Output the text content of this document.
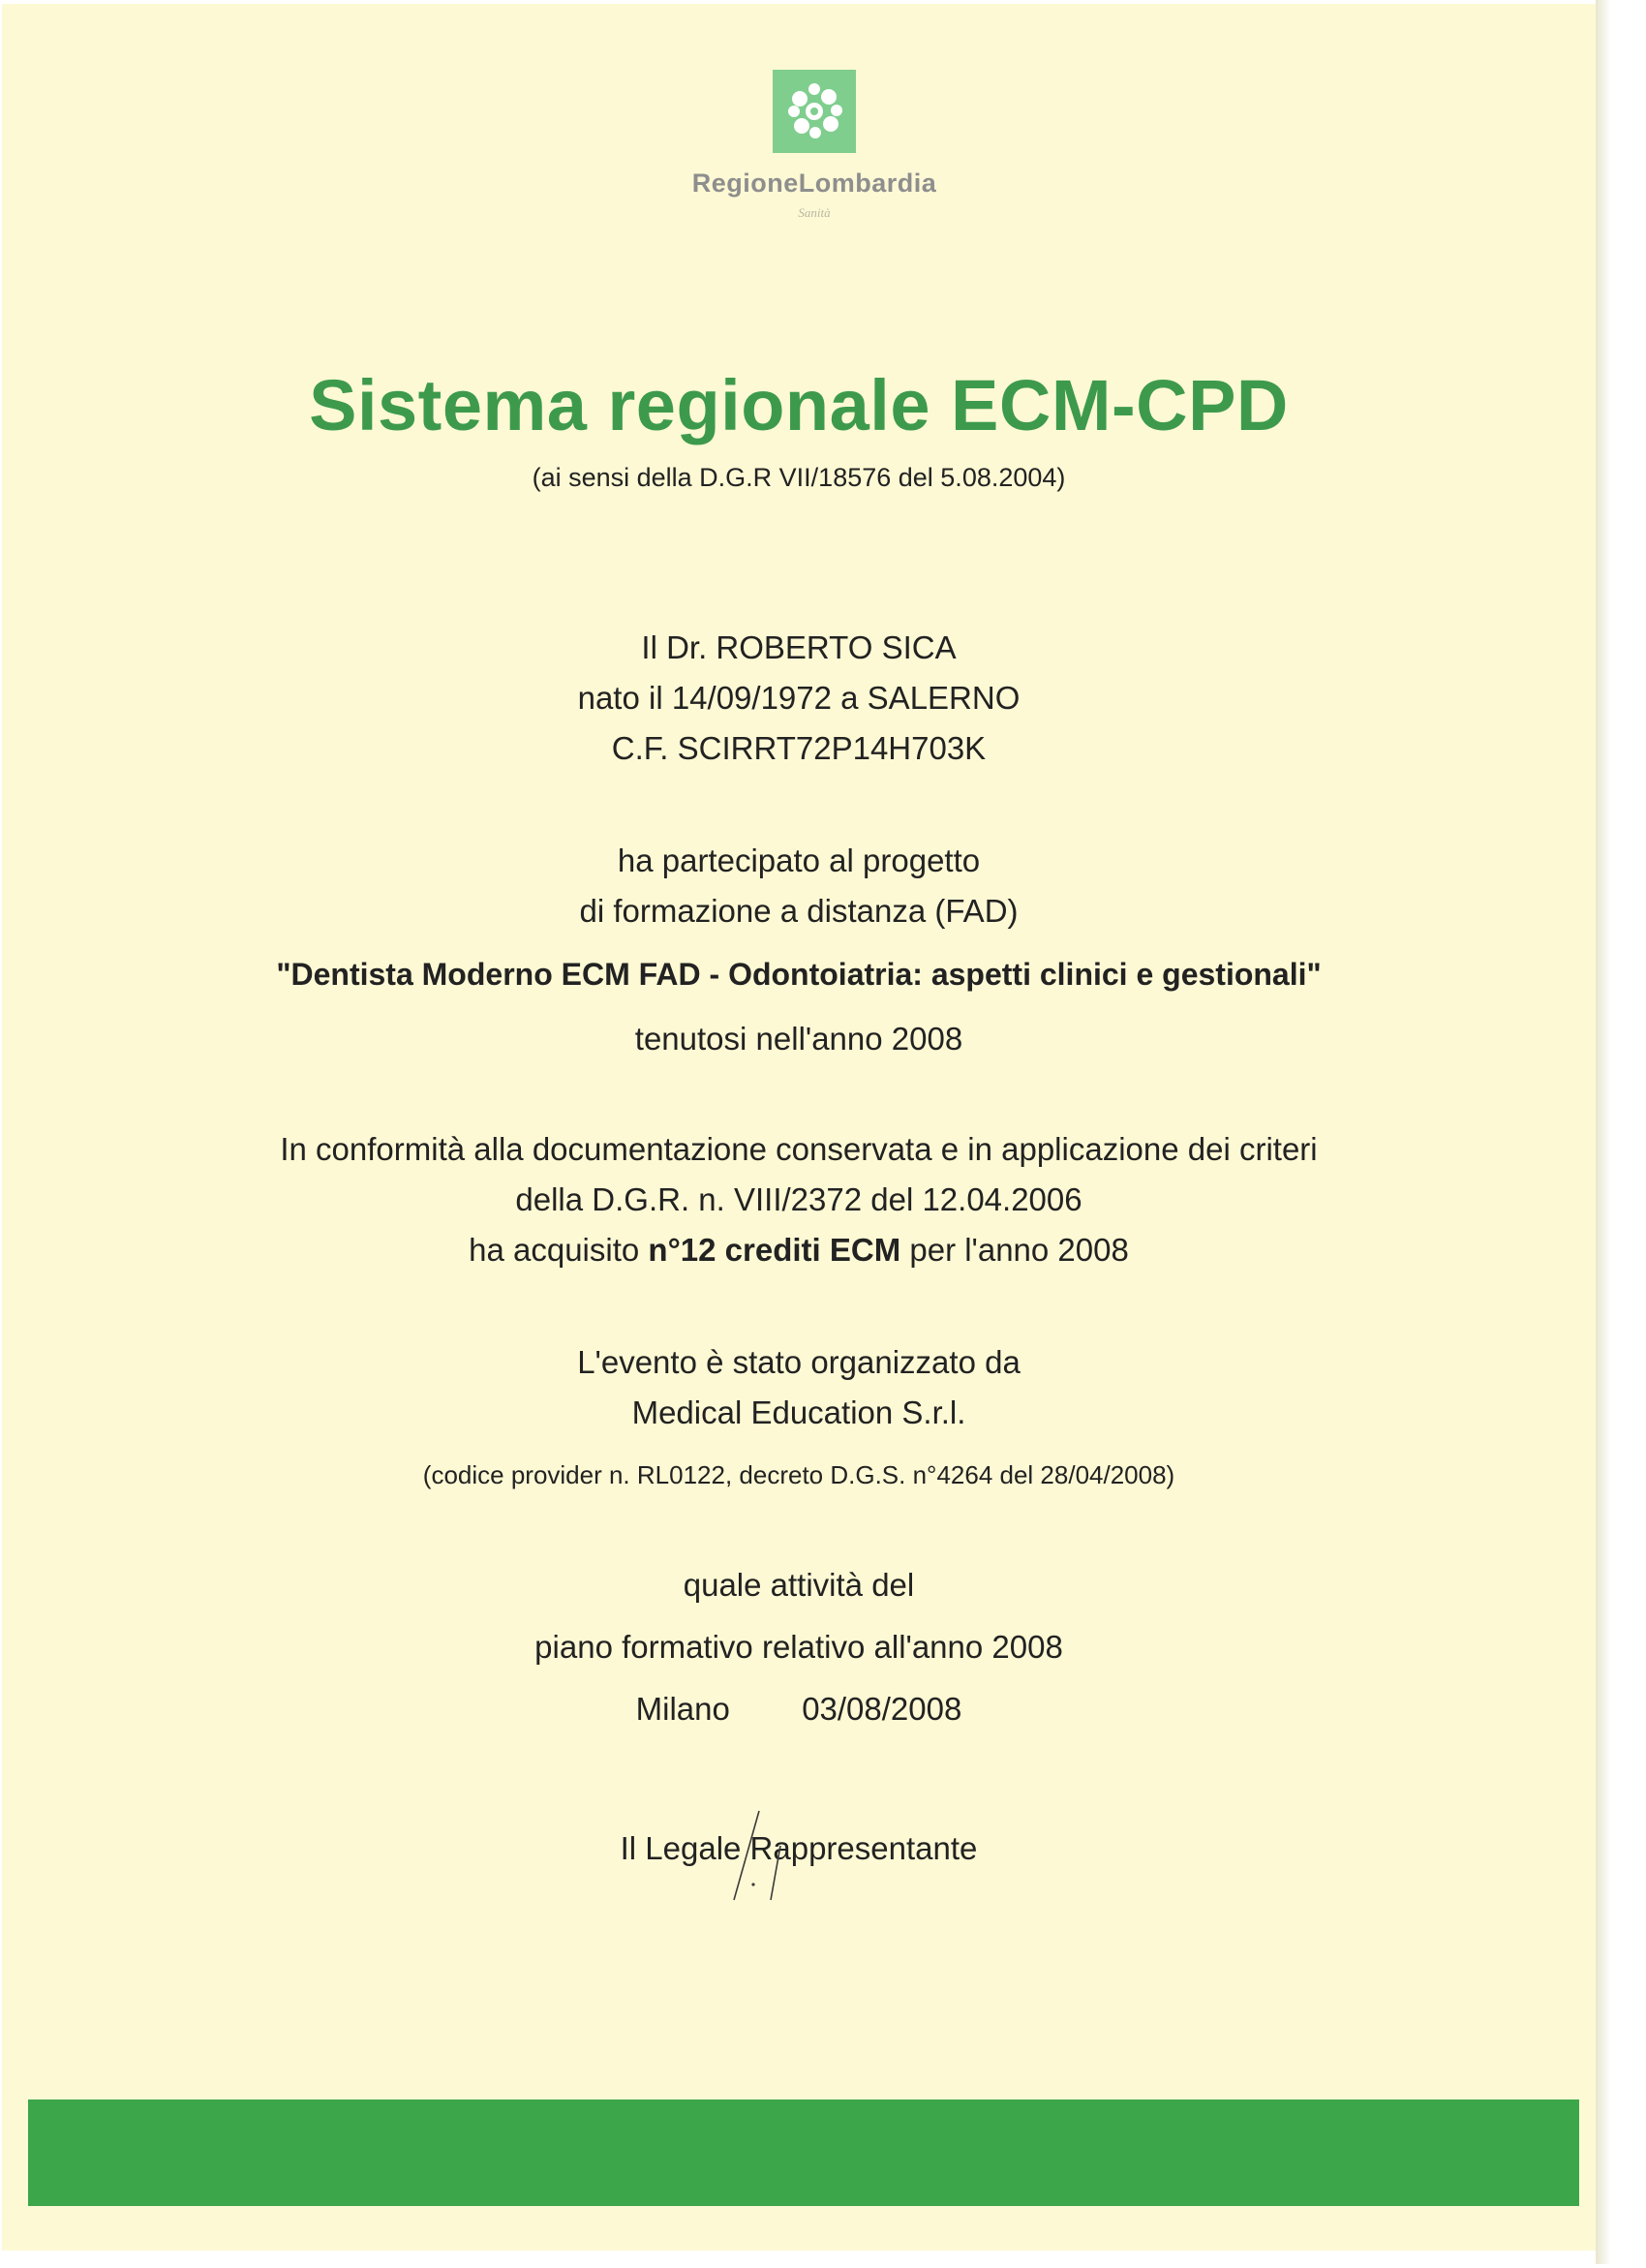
RegioneLombardia
Sanità
Sistema regionale ECM-CPD
(ai sensi della D.G.R VII/18576 del 5.08.2004)
Il Dr. ROBERTO SICA
nato il 14/09/1972 a SALERNO
C.F. SCIRRT72P14H703K
ha partecipato al progetto
di formazione a distanza (FAD)
"Dentista Moderno ECM FAD - Odontoiatria: aspetti clinici e gestionali"
tenutosi nell'anno 2008
In conformità alla documentazione conservata e in applicazione dei criteri
della D.G.R. n. VIII/2372 del 12.04.2006
ha acquisito n°12 crediti ECM per l'anno 2008
L'evento è stato organizzato da
Medical Education S.r.l.
(codice provider n. RL0122, decreto D.G.S. n°4264 del 28/04/2008)
quale attività del
piano formativo relativo all'anno 2008
Milano 03/08/2008
Il Legale Rappresentante
